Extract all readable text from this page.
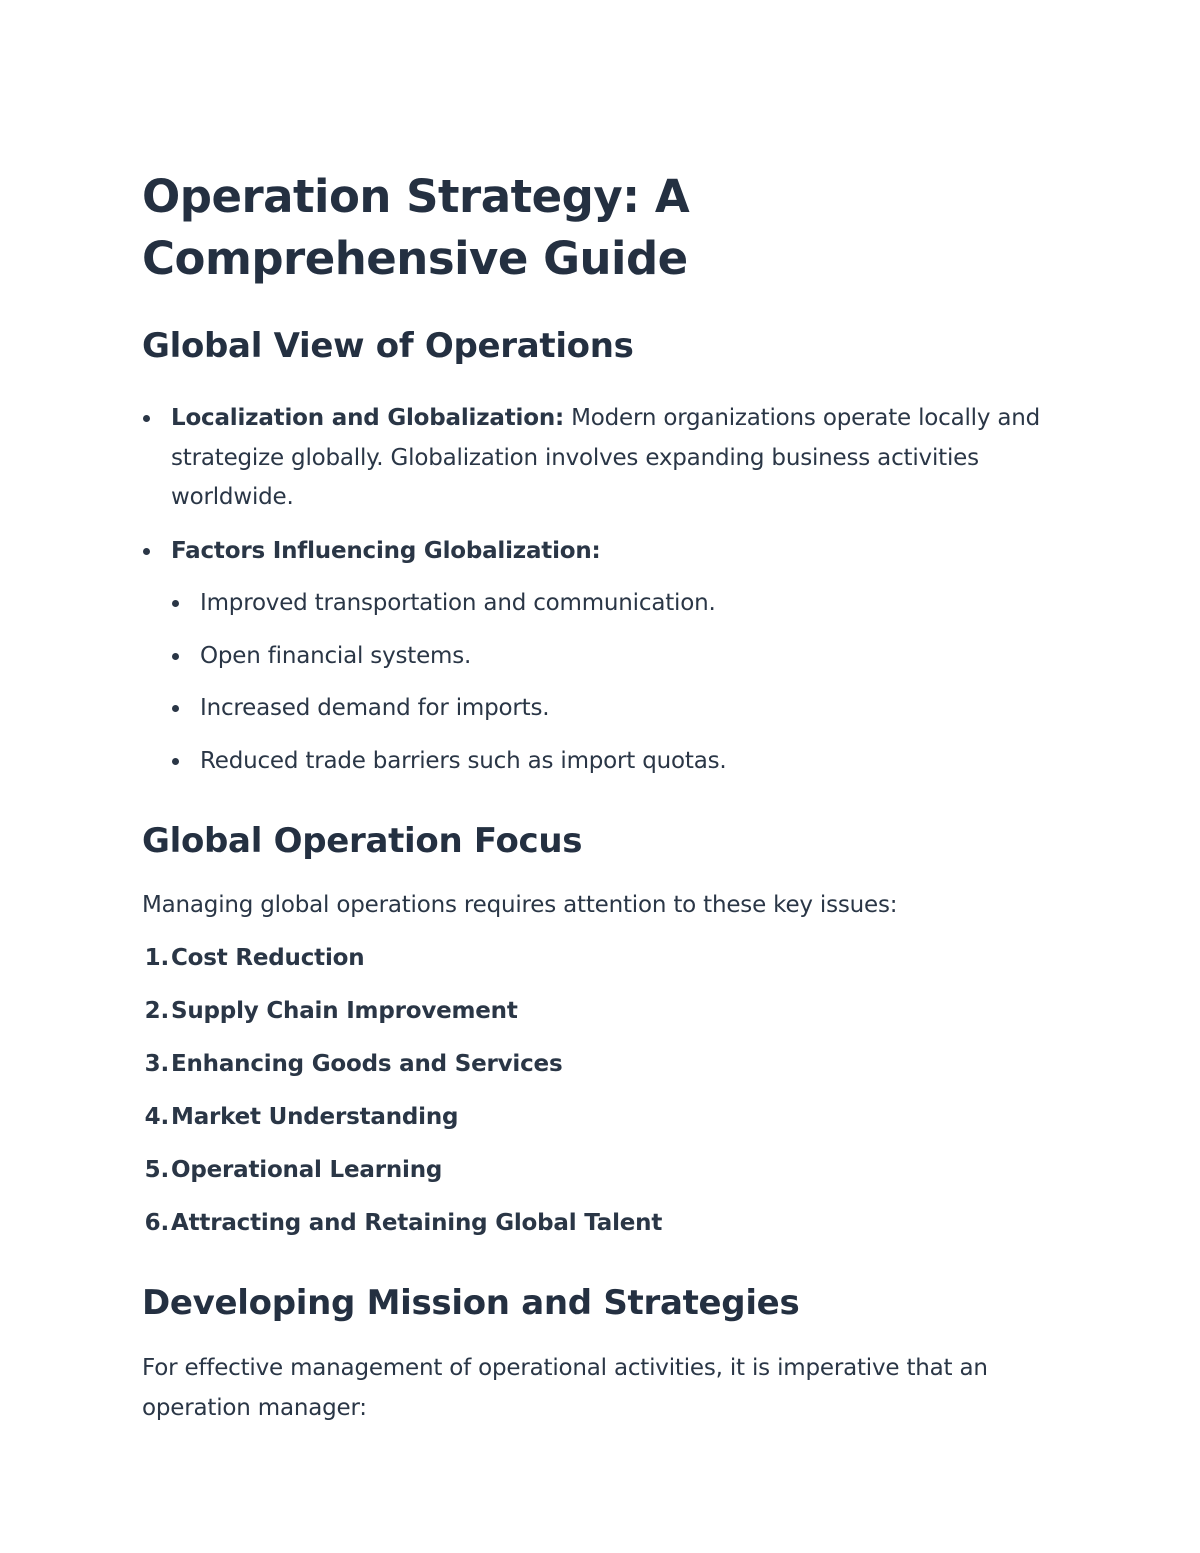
Operation Strategy: A Comprehensive Guide
Global View of Operations
Localization and Globalization: Modern organizations operate locally and strategize globally. Globalization involves expanding business activities worldwide.
Factors Influencing Globalization:
Improved transportation and communication.
Open financial systems.
Increased demand for imports.
Reduced trade barriers such as import quotas.
Global Operation Focus

Managing global operations requires attention to these key issues:

1. Cost Reduction
2. Supply Chain Improvement
3. Enhancing Goods and Services
4. Market Understanding
5. Operational Learning
6. Attracting and Retaining Global Talent
Developing Mission and Strategies

For effective management of operational activities, it is imperative that an operation manager:
